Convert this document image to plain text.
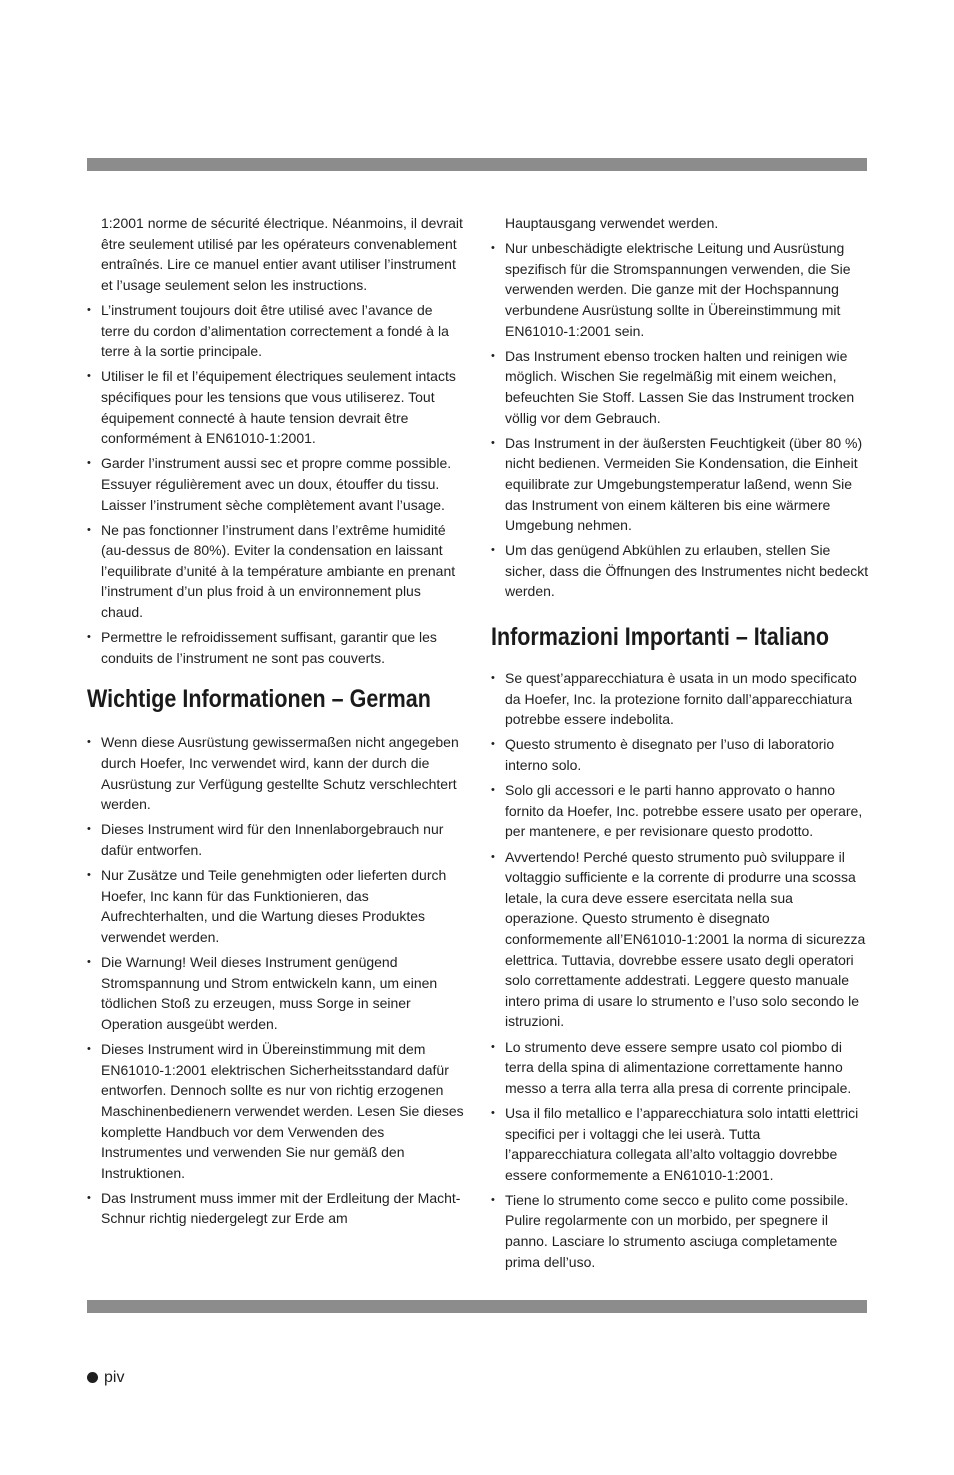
1:2001 norme de sécurité électrique. Néanmoins, il devrait être seulement utilisé par les opérateurs convenablement entraînés. Lire ce manuel entier avant utiliser l’instrument et l’usage seulement selon les instructions.

• L’instrument toujours doit être utilisé avec l’avance de terre du cordon d’alimentation correctement a fondé à la terre à la sortie principale.
• Utiliser le fil et l’équipement électriques seulement intacts spécifiques pour les tensions que vous utiliserez. Tout équipement connecté à haute tension devrait être conformément à EN61010-1:2001.
• Garder l’instrument aussi sec et propre comme possible. Essuyer régulièrement avec un doux, étouffer du tissu. Laisser l’instrument sèche complètement avant l’usage.
• Ne pas fonctionner l’instrument dans l’extrême humidité (au-dessus de 80%). Eviter la condensation en laissant l’equilibrate d’unité à la température ambiante en prenant l’instrument d’un plus froid à un environnement plus chaud.
• Permettre le refroidissement suffisant, garantir que les conduits de l’instrument ne sont pas couverts.
Wichtige Informationen – German
• Wenn diese Ausrüstung gewissermaßen nicht angegeben durch Hoefer, Inc verwendet wird, kann der durch die Ausrüstung zur Verfügung gestellte Schutz verschlechtert werden.
• Dieses Instrument wird für den Innenlaborgebrauch nur dafür entworfen.
• Nur Zusätze und Teile genehmigten oder lieferten durch Hoefer, Inc kann für das Funktionieren, das Aufrechterhalten, und die Wartung dieses Produktes verwendet werden.
• Die Warnung! Weil dieses Instrument genügend Stromspannung und Strom entwickeln kann, um einen tödlichen Stoß zu erzeugen, muss Sorge in seiner Operation ausgeübt werden.
• Dieses Instrument wird in Übereinstimmung mit dem EN61010-1:2001 elektrischen Sicherheitsstandard dafür entworfen. Dennoch sollte es nur von richtig erzogenen Maschinenbedienern verwendet werden. Lesen Sie dieses komplette Handbuch vor dem Verwenden des Instrumentes und verwenden Sie nur gemäß den Instruktionen.
• Das Instrument muss immer mit der Erdleitung der Macht-Schnur richtig niedergelegt zur Erde am

Hauptausgang verwendet werden.

• Nur unbeschädigte elektrische Leitung und Ausrüstung spezifisch für die Stromspannungen verwenden, die Sie verwenden werden. Die ganze mit der Hochspannung verbundene Ausrüstung sollte in Übereinstimmung mit EN61010-1:2001 sein.
• Das Instrument ebenso trocken halten und reinigen wie möglich. Wischen Sie regelmäßig mit einem weichen, befeuchten Sie Stoff. Lassen Sie das Instrument trocken völlig vor dem Gebrauch.
• Das Instrument in der äußersten Feuchtigkeit (über 80 %) nicht bedienen. Vermeiden Sie Kondensation, die Einheit equilibrate zur Umgebungstemperatur laßend, wenn Sie das Instrument von einem kälteren bis eine wärmere Umgebung nehmen.
• Um das genügend Abkühlen zu erlauben, stellen Sie sicher, dass die Öffnungen des Instrumentes nicht bedeckt werden.
Informazioni Importanti – Italiano
• Se quest’apparecchiatura è usata in un modo specificato da Hoefer, Inc. la protezione fornito dall’apparecchiatura potrebbe essere indebolita.
• Questo strumento è disegnato per l’uso di laboratorio interno solo.
• Solo gli accessori e le parti hanno approvato o hanno fornito da Hoefer, Inc. potrebbe essere usato per operare, per mantenere, e per revisionare questo prodotto.
• Avvertendo! Perché questo strumento può sviluppare il voltaggio sufficiente e la corrente di produrre una scossa letale, la cura deve essere esercitata nella sua operazione. Questo strumento è disegnato conformemente all’EN61010-1:2001 la norma di sicurezza elettrica. Tuttavia, dovrebbe essere usato degli operatori solo correttamente addestrati. Leggere questo manuale intero prima di usare lo strumento e l’uso solo secondo le istruzioni.
• Lo strumento deve essere sempre usato col piombo di terra della spina di alimentazione correttamente hanno messo a terra alla terra alla presa di corrente principale.
• Usa il filo metallico e l’apparecchiatura solo intatti elettrici specifici per i voltaggi che lei userà. Tutta l’apparecchiatura collegata all’alto voltaggio dovrebbe essere conformemente a EN61010-1:2001.
• Tiene lo strumento come secco e pulito come possibile. Pulire regolarmente con un morbido, per spegnere il panno. Lasciare lo strumento asciuga completamente prima dell’uso.
piv
